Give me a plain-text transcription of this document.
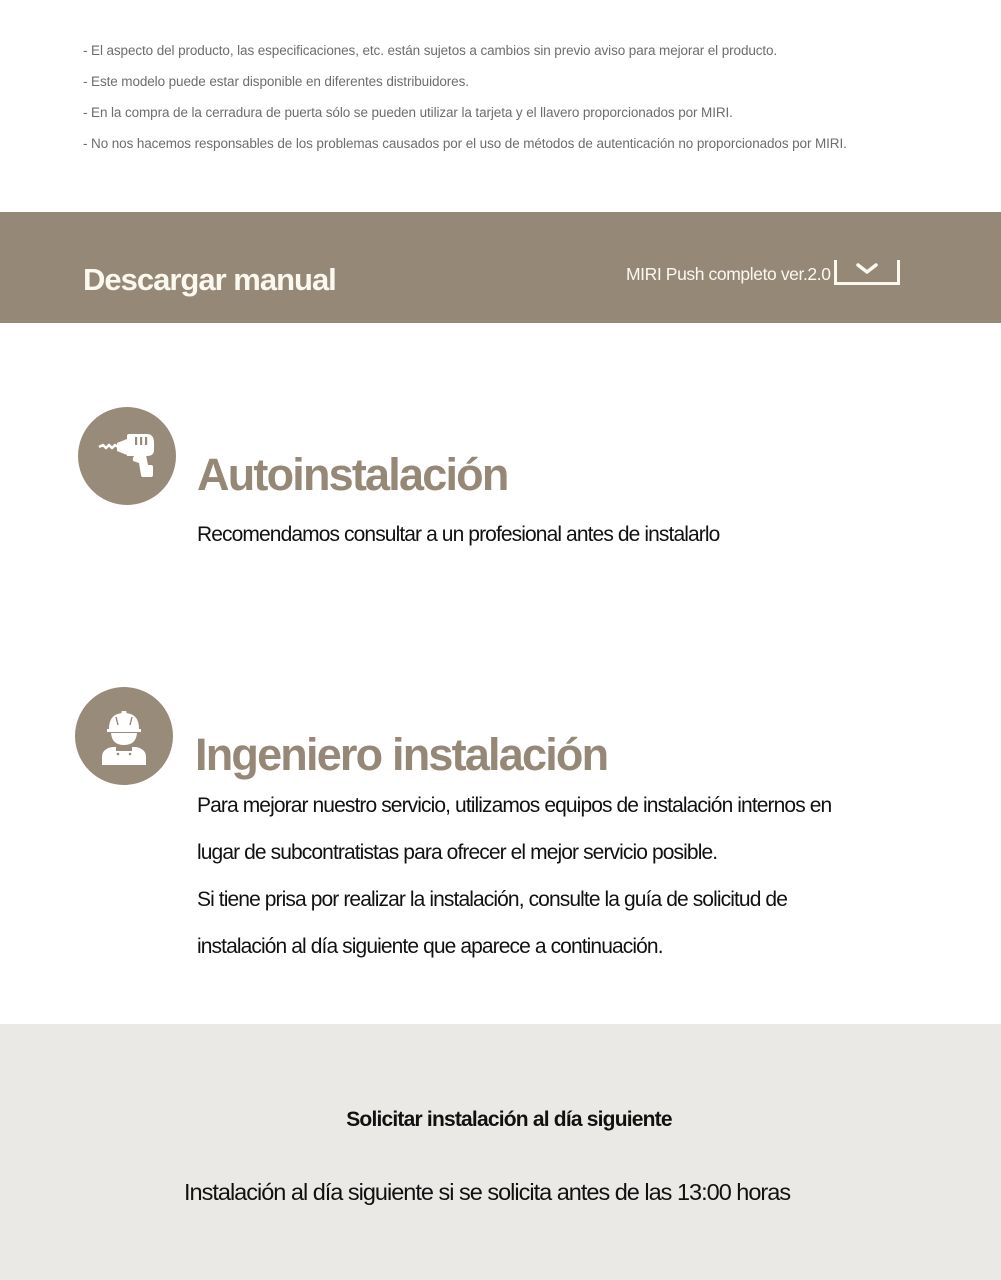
- El aspecto del producto, las especificaciones, etc. están sujetos a cambios sin previo aviso para mejorar el producto.

- Este modelo puede estar disponible en diferentes distribuidores.

- En la compra de la cerradura de puerta sólo se pueden utilizar la tarjeta y el llavero proporcionados por MIRI.

- No nos hacemos responsables de los problemas causados por el uso de métodos de autenticación no proporcionados por MIRI.

Descargar manual	MIRI Push completo ver.2.0
Autoinstalación

Recomendamos consultar a un profesional antes de instalarlo

Ingeniero instalación

Para mejorar nuestro servicio, utilizamos equipos de instalación internos en

lugar de subcontratistas para ofrecer el mejor servicio posible.

Si tiene prisa por realizar la instalación, consulte la guía de solicitud de

instalación al día siguiente que aparece a continuación.

Solicitar instalación al día siguiente

Instalación al día siguiente si se solicita antes de las 13:00 horas
